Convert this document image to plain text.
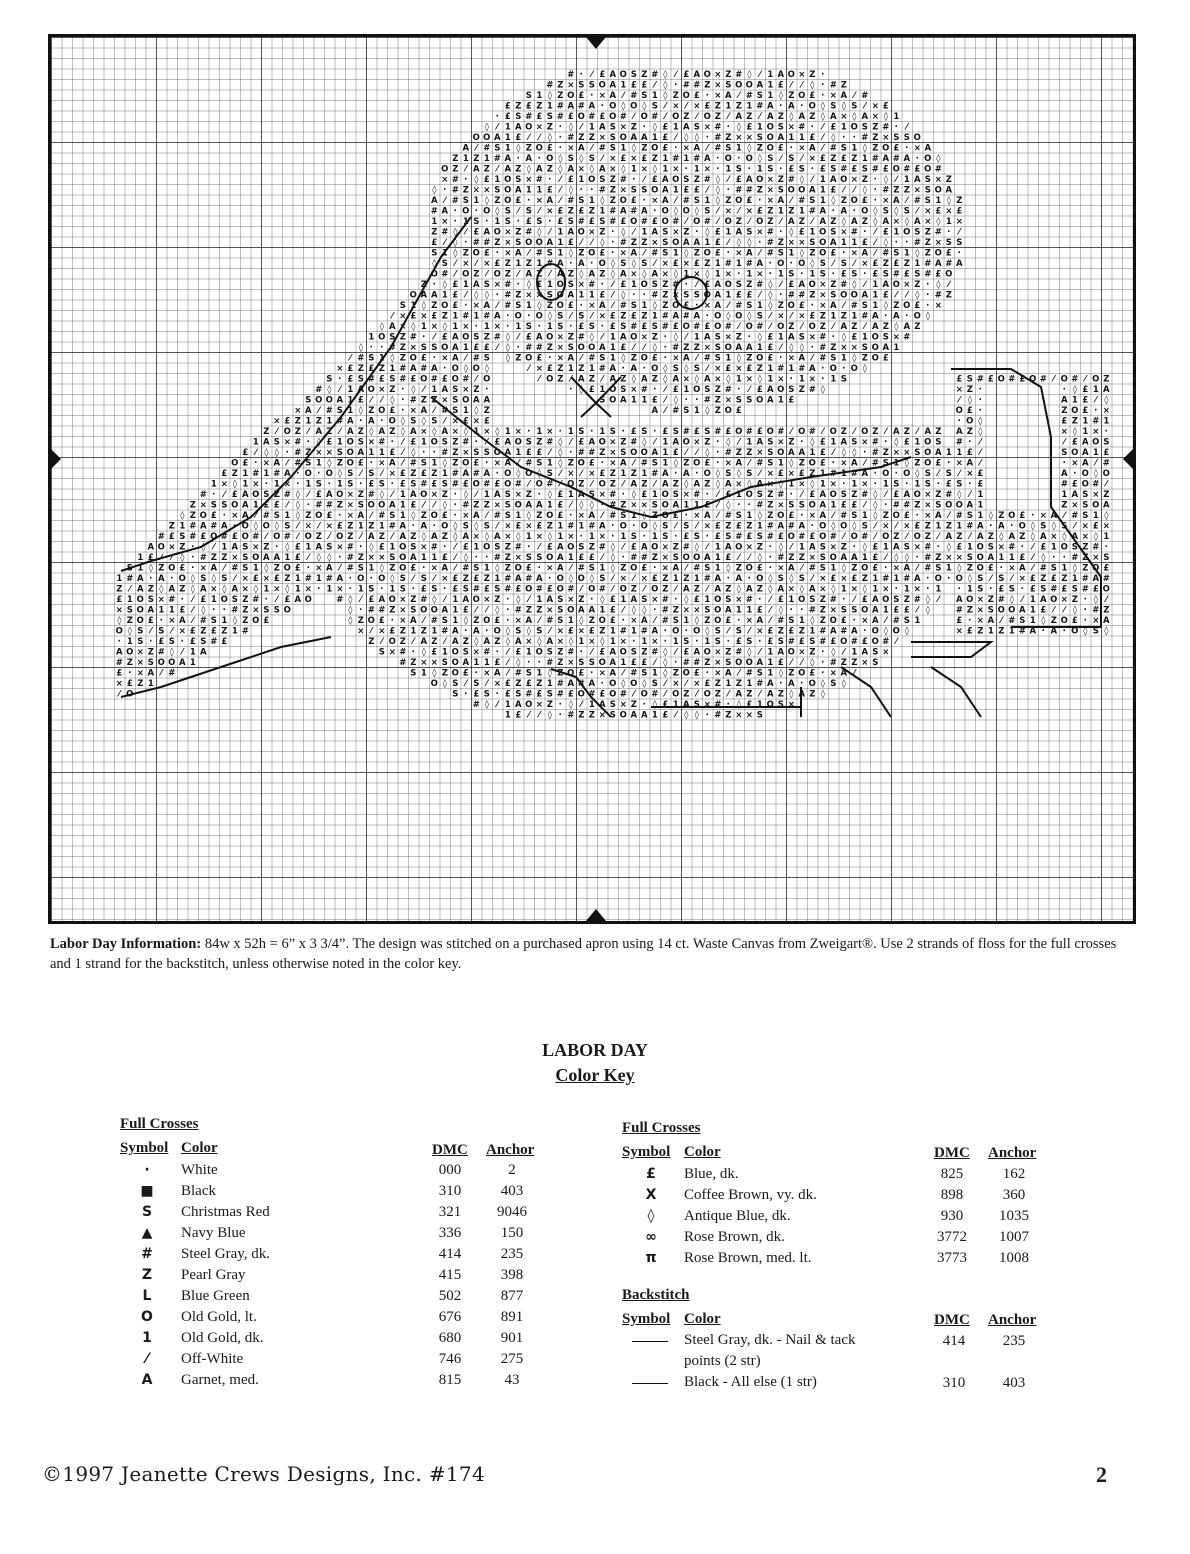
# · ⁄ £ A O S Z # ◊ ⁄ £ A O × Z # ◊ ⁄ 1 A O × Z ·
# Z × S S O A 1 £ £ ⁄ ◊ · # # Z × S O O A 1 £ ⁄	⁄ ◊ · # Z
S 1 ◊ Z O £ · × A ⁄ # S 1 ◊ Z O £ · × A ⁄ # S 1 ◊ Z O £ · × A ⁄ #
£ Z £ Z 1 # A # A · O ◊ O ◊ S ⁄ × ⁄ × £ Z 1 Z 1 # A · A · O ◊ S ◊ S ⁄ × £
· £ S # £ S # £ O # £ O # ⁄ O # ⁄ O Z ⁄ O Z ⁄ A Z ⁄ A Z ◊ A Z ◊ A × ◊ A × ◊ 1
◊ ⁄ 1 A O × Z · ◊ ⁄ 1 A S × Z · ◊ £ 1 A S × # · ◊ £ 1 O S × # · ⁄ £ 1 O S Z # · ⁄
O O A 1 £ ⁄	⁄ ◊ · # Z Z × S O A A 1 £ ⁄ ◊ ◊ · # Z × × S O A 1 1 £ ⁄ ◊ · · # Z × S S O
A ⁄ # S 1 ◊ Z O £ · × A ⁄ # S 1 ◊ Z O £ · × A ⁄ # S 1 ◊ Z O £ · × A ⁄ # S 1 ◊ Z O £ · × A
Z 1 Z 1 # A · A · O ◊ S ◊ S ⁄ × £ × £ Z 1 # 1 # A · O · O ◊ S ⁄ S ⁄ × £ Z £ Z 1 # A # A · O ◊
O Z ⁄ A Z ⁄ A Z ◊ A Z ◊ A × ◊ A × ◊ 1 × ◊ 1 × · 1 × · 1 S · 1 S · £ S · £ S # £ S # £ O # £ O #
× # · ◊ £ 1 O S × # · ⁄ £ 1 O S Z # · ⁄ £ A O S Z # ◊ ⁄ £ A O × Z # ◊ ⁄ 1 A O × Z · ◊ ⁄ 1 A S × Z
◊ · # Z × × S O A 1 1 £ ⁄ ◊ · · # Z × S S O A 1 £ £ ⁄ ◊ · # # Z × S O O A 1 £ ⁄	⁄ ◊ · # Z Z × S O A
A ⁄ # S 1 ◊ Z O £ · × A ⁄ # S 1 ◊ Z O £ · × A ⁄ # S 1 ◊ Z O £ · × A ⁄ # S 1 ◊ Z O £ · × A ⁄ # S 1 ◊ Z
# A · O · O ◊ S ⁄ S ⁄ × £ Z £ Z 1 # A # A · O ◊ O ◊ S ⁄ × ⁄ × £ Z 1 Z 1 # A · A · O ◊ S ◊ S ⁄ × £ × £
1 × · 1 S · 1 S · £ S · £ S # £ S # £ O # £ O # ⁄ O # ⁄ O Z ⁄ O Z ⁄ A Z ⁄ A Z ◊ A Z ◊ A × ◊ A × ◊ 1 ×
Z # ◊ ⁄ £ A O × Z # ◊ ⁄ 1 A O × Z · ◊ ⁄ 1 A S × Z · ◊ £ 1 A S × # · ◊ £ 1 O S × # · ⁄ £ 1 O S Z # · ⁄
£ ⁄ ◊ · # # Z × S O O A 1 £ ⁄	⁄ ◊ · # Z Z × S O A A 1 £ ⁄ ◊ ◊ · # Z × × S O A 1 1 £ ⁄ ◊ · · # Z × S S
S 1 ◊ Z O £ · × A ⁄ # S 1 ◊ Z O £ · × A ⁄ # S 1 ◊ Z O £ · × A ⁄ # S 1 ◊ Z O £ · × A ⁄ # S 1 ◊ Z O £ ·
◊ S ⁄ × ⁄ × £ Z 1 Z 1 # A · A · O ◊ S ◊ S ⁄ × £ × £ Z 1 # 1 # A · O · O ◊ S ⁄ S ⁄ × £ Z £ Z 1 # A # A
O # ⁄ O Z ⁄ O Z ⁄ A Z ⁄ A Z ◊ A Z ◊ A × ◊ A × ◊ 1 × ◊ 1 × · 1 × · 1 S · 1 S · £ S · £ S # £ S # £ O
Z · ◊ £ 1 A S × # · ◊ £ 1 O S × # · ⁄ £ 1 O S Z # · ⁄ £ A O S Z # ◊ ⁄ £ A O × Z # ◊ ⁄ 1 A O × Z · ◊ ⁄
O A A 1 £ ⁄ ◊ ◊ · # Z × × S O A 1 1 £ ⁄ ◊ · · # Z × S S O A 1 £ £ ⁄ ◊ · # # Z × S O O A 1 £ ⁄	⁄ ◊ · # Z
S 1 ◊ Z O £ · × A ⁄ # S 1 ◊ Z O £ · × A ⁄ # S 1 ◊ Z O £ · × A ⁄ # S 1 ◊ Z O £ · × A ⁄ # S 1 ◊ Z O £ · ×
⁄ × £ × £ Z 1 # 1 # A · O · O ◊ S ⁄ S ⁄ × £ Z £ Z 1 # A # A · O ◊ O ◊ S ⁄ × ⁄ × £ Z 1 Z 1 # A · A · O ◊
◊ A × ◊ 1 × ◊ 1 × · 1 × · 1 S · 1 S · £ S · £ S # £ S # £ O # £ O # ⁄ O # ⁄ O Z ⁄ O Z ⁄ A Z ⁄ A Z ◊ A Z
1 O S Z # · ⁄ £ A O S Z # ◊ ⁄ £ A O × Z # ◊ ⁄ 1 A O × Z · ◊ ⁄ 1 A S × Z · ◊ £ 1 A S × # · ◊ £ 1 O S × #
◊ · · # Z × S S O A 1 £ £ ⁄ ◊ · # # Z × S O O A 1 £ ⁄	⁄ ◊ · # Z Z × S O A A 1 £ ⁄ ◊ ◊ · # Z × × S O A 1
⁄ # S 1 ◊ Z O £ · × A ⁄ # S ◊ Z O £ · × A ⁄ # S 1 ◊ Z O £ · × A ⁄ # S 1 ◊ Z O £ · × A ⁄ # S 1 ◊ Z O £
× £ Z £ Z 1 # A # A · O ◊ O ◊	⁄ × £ Z 1 Z 1 # A · A · O ◊ S ◊ S ⁄ × £ × £ Z 1 # 1 # A · O · O ◊
S · £ S # £ S # £ O # £ O # ⁄ O	⁄ O Z ⁄ A Z ⁄ A Z ◊ A Z ◊ A × ◊ A × ◊ 1 × ◊ 1 × · 1 × · 1 S	£ S # £ O # £ O # ⁄ O # ⁄ O Z
# ◊ ⁄ 1 A O × Z · ◊ ⁄ 1 A S × Z ·	· ◊ £ 1 O S × # · ⁄ £ 1 O S Z # · ⁄ £ A O S Z # ◊	× Z ·	· ◊ £ 1 A
S O O A 1 £ ⁄	⁄ ◊ · # Z Z × S O A A	S O A 1 1 £ ⁄ ◊ · · # Z × S S O A 1 £	⁄ ◊ ·	A 1 £ ⁄ ◊
× A ⁄ # S 1 ◊ Z O £ · × A ⁄ # S 1 ◊ Z	A ⁄ # S 1 ◊ Z O £	O £ ·	Z O £ · ×
× £ Z 1 Z 1 # A · A · O ◊ S ◊ S ⁄ × £ × £	· O ◊	£ Z 1 # 1
Z ⁄ O Z ⁄ A Z ⁄ A Z ◊ A Z ◊ A × ◊ A × ◊ 1 × ◊ 1 × · 1 × · 1 S · 1 S · £ S · £ S # £ S # £ O # £ O # ⁄ O # ⁄ O Z ⁄ O Z ⁄ A Z ⁄ A Z A Z ◊	× ◊ 1 × ·
1 A S × # · ◊ £ 1 O S × # · ⁄ £ 1 O S Z # · ⁄ £ A O S Z # ◊ ⁄ £ A O × Z # ◊ ⁄ 1 A O × Z · ◊ ⁄ 1 A S × Z · ◊ £ 1 A S × # · ◊ £ 1 O S # · ⁄	⁄ £ A O S
£ ⁄ ◊ ◊ · # Z × × S O A 1 1 £ ⁄ ◊ · · # Z × S S O A 1 £ £ ⁄ ◊ · # # Z × S O O A 1 £ ⁄	⁄ ◊ · # Z Z × S O A A 1 £ ⁄ ◊ ◊ · # Z × × S O A 1 1 £ ⁄	S O A 1 £
O £ · × A ⁄ # S 1 ◊ Z O £ · × A ⁄ # S 1 ◊ Z O £ · × A ⁄ # S 1 ◊ Z O £ · × A ⁄ # S 1 ◊ Z O £ · × A ⁄ # S 1 ◊ Z O £ · × A ⁄ # S 1 ◊ Z O £ · × A ⁄	· × A ⁄ #
£ Z 1 # 1 # A · O · O ◊ S ⁄ S ⁄ × £ Z £ Z 1 # A # A · O ◊ O ◊ S ⁄ × ⁄ × £ Z 1 Z 1 # A · A · O ◊ S ◊ S ⁄ × £ × £ Z 1 # 1 # A · O · O ◊ S ⁄ S ⁄ × £	A · O ◊ O
1 × ◊ 1 × · 1 × · 1 S · 1 S · £ S · £ S # £ S # £ O # £ O # ⁄ O # ⁄ O Z ⁄ O Z ⁄ A Z ⁄ A Z ◊ A Z ◊ A × ◊ A × ◊ 1 × ◊ 1 × · 1 × · 1 S · 1 S · £ S · £	# £ O # ⁄
# · ⁄ £ A O S Z # ◊ ⁄ £ A O × Z # ◊ ⁄ 1 A O × Z · ◊ ⁄ 1 A S × Z · ◊ £ 1 A S × # · ◊ £ 1 O S × # · ⁄ £ 1 O S Z # · ⁄ £ A O S Z # ◊ ⁄ £ A O × Z # ◊ ⁄ 1	1 A S × Z
Z × S S O A 1 £ £ ⁄ ◊ · # # Z × S O O A 1 £ ⁄	⁄ ◊ · # Z Z × S O A A 1 £ ⁄ ◊ ◊ · # Z × × S O A 1 1 £ ⁄ ◊ · · # Z × S S O A 1 £ £ ⁄ ◊ · # # Z × S O O A 1	Z × S O A
◊ Z O £ · × A ⁄ # S 1 ◊ Z O £ · × A ⁄ # S 1 ◊ Z O £ · × A ⁄ # S 1 ◊ Z O £ · × A ⁄ # S 1 ◊ Z O £ · × A ⁄ # S 1 ◊ Z O £ · × A ⁄ # S 1 ◊ Z O £ · × A ⁄ # S 1 ◊ Z O £ · × A ⁄ # S 1 ◊
Z 1 # A # A · O ◊ O ◊ S ⁄ × ⁄ × £ Z 1 Z 1 # A · A · O ◊ S ◊ S ⁄ × £ × £ Z 1 # 1 # A · O · O ◊ S ⁄ S ⁄ × £ Z £ Z 1 # A # A · O ◊ O ◊ S ⁄ × ⁄ × £ Z 1 Z 1 # A · A · O ◊ S ◊ S ⁄ × £ ×
# £ S # £ O # £ O # ⁄ O # ⁄ O Z ⁄ O Z ⁄ A Z ⁄ A Z ◊ A Z ◊ A × ◊ A × ◊ 1 × ◊ 1 × · 1 × · 1 S · 1 S · £ S · £ S # £ S # £ O # £ O # ⁄ O # ⁄ O Z ⁄ O Z ⁄ A Z ⁄ A Z ◊ A Z ◊ A × ◊ A × ◊ 1
A O × Z · ◊ ⁄ 1 A S × Z · ◊ £ 1 A S × # · ◊ £ 1 O S × # · ⁄ £ 1 O S Z # · ⁄ £ A O S Z # ◊ ⁄ £ A O × Z # ◊ ⁄ 1 A O × Z · ◊ ⁄ 1 A S × Z · ◊ £ 1 A S × # · ◊ £ 1 O S × # · ⁄ £ 1 O S Z # ·
1 £ ⁄	⁄ ◊ · # Z Z × S O A A 1 £ ⁄ ◊ ◊ · # Z × × S O A 1 1 £ ⁄ ◊ · · # Z × S S O A 1 £ £ ⁄ ◊ · # # Z × S O O A 1 £ ⁄	⁄ ◊ · # Z Z × S O A A 1 £ ⁄ ◊ ◊ · # Z × × S O A 1 1 £ ⁄ ◊ · · # Z × S
S 1 ◊ Z O £ · × A ⁄ # S 1 ◊ Z O £ · × A ⁄ # S 1 ◊ Z O £ · × A ⁄ # S 1 ◊ Z O £ · × A ⁄ # S 1 ◊ Z O £ · × A ⁄ # S 1 ◊ Z O £ · × A ⁄ # S 1 ◊ Z O £ · × A ⁄ # S 1 ◊ Z O £ · × A ⁄ # S 1 ◊ Z O £
1 # A · A · O ◊ S ◊ S ⁄ × £ × £ Z 1 # 1 # A · O · O ◊ S ⁄ S ⁄ × £ Z £ Z 1 # A # A · O ◊ O ◊ S ⁄ × ⁄ × £ Z 1 Z 1 # A · A · O ◊ S ◊ S ⁄ × £ × £ Z 1 # 1 # A · O · O ◊ S ⁄ S ⁄ × £ Z £ Z 1 # A #
Z ⁄ A Z ◊ A Z ◊ A × ◊ A × ◊ 1 × ◊ 1 × · 1 × · 1 S · 1 S · £ S · £ S # £ S # £ O # £ O # ⁄ O # ⁄ O Z ⁄ O Z ⁄ A Z ⁄ A Z ◊ A Z ◊ A × ◊ A × ◊ 1 × ◊ 1 × · 1 × · 1 · 1 S · £ S · £ S # £ S # £ O
£ 1 O S × # · ⁄ £ 1 O S Z # · ⁄ £ A O	# ◊ ⁄ £ A O × Z # ◊ ⁄ 1 A O × Z · ◊ ⁄ 1 A S × Z · ◊ £ 1 A S × # · ◊ £ 1 O S × # · ⁄ £ 1 O S Z # · ⁄ £ A O S Z # ◊ ⁄	A O × Z # ◊ ⁄ 1 A O × Z · ◊ ⁄
× S O A 1 1 £ ⁄ ◊ · · # Z × S S O	◊ · # # Z × S O O A 1 £ ⁄	⁄ ◊ · # Z Z × S O A A 1 £ ⁄ ◊ ◊ · # Z × × S O A 1 1 £ ⁄ ◊ · · # Z × S S O A 1 £ £ ⁄ ◊	# Z × S O O A 1 £ ⁄	⁄ ◊ · # Z
◊ Z O £ · × A ⁄ # S 1 ◊ Z O £	◊ Z O £ · × A ⁄ # S 1 ◊ Z O £ · × A ⁄ # S 1 ◊ Z O £ · × A ⁄ # S 1 ◊ Z O £ · × A ⁄ # S 1 ◊ Z O £ · × A ⁄ # S 1	£ · × A ⁄ # S 1 ◊ Z O £ · × A
O ◊ S ⁄ S ⁄ × £ Z £ Z 1 #	× ⁄ × £ Z 1 Z 1 # A · A · O ◊ S ◊ S ⁄ × £ × £ Z 1 # 1 # A · O · O ◊ S ⁄ S ⁄ × £ Z £ Z 1 # A # A · O ◊ O ◊	× £ Z 1 Z 1 # A · A · O ◊ S ◊
· 1 S · £ S · £ S # £	Z ⁄ O Z ⁄ A Z ⁄ A Z ◊ A Z ◊ A × ◊ A × ◊ 1 × ◊ 1 × · 1 × · 1 S · 1 S · £ S · £ S # £ S # £ O # £ O # ⁄
A O × Z # ◊ ⁄ 1 A	S × # · ◊ £ 1 O S × # · ⁄ £ 1 O S Z # · ⁄ £ A O S Z # ◊ ⁄ £ A O × Z # ◊ ⁄ 1 A O × Z · ◊ ⁄ 1 A S ×
# Z × S O O A 1	# Z × × S O A 1 1 £ ⁄ ◊ · · # Z × S S O A 1 £ £ ⁄ ◊ · # # Z × S O O A 1 £ ⁄	⁄ ◊ · # Z Z × S
£ · × A ⁄ #	S 1 ◊ Z O £ · × A ⁄ # S 1 ◊ Z O £ · × A ⁄ # S 1 ◊ Z O £ · × A ⁄ # S 1 ◊ Z O £ · × A ⁄
× £ Z 1	O ◊ S ⁄ S ⁄ × £ Z £ Z 1 # A # A · O ◊ O ◊ S ⁄ × ⁄ × £ Z 1 Z 1 # A · A · O ◊ S ◊
⁄ O	S · £ S · £ S # £ S # £ O # £ O # ⁄ O # ⁄ O Z ⁄ O Z ⁄ A Z ⁄ A Z ◊ A Z ◊
# ◊ ⁄ 1 A O × Z · ◊ ⁄ 1 A S × Z · ◊ £ 1 A S × # · ◊ £ 1 O S ×
1 £ ⁄	⁄ ◊ · # Z Z × S O A A 1 £ ⁄ ◊ ◊ · # Z × × S
Labor Day Information: 84w x 52h = 6” x 3 3/4”. The design was stitched on a purchased apron using 14 ct. Waste Canvas from Zweigart®. Use 2 strands of floss for the full crosses and 1 strand for the backstitch, unless otherwise noted in the color key.
LABOR DAY
Color Key
Full Crosses
Symbol Color	DMC Anchor
·	White	000	2
■	Black	310	403
S	Christmas Red	321	9046
▲	Navy Blue	336	150
#	Steel Gray, dk.	414	235
Z	Pearl Gray	415	398
L	Blue Green	502	877
O	Old Gold, lt.	676	891
1	Old Gold, dk.	680	901
⁄	Off-White	746	275
A	Garnet, med.	815	43
Full Crosses
Symbol Color	DMC Anchor
£	Blue, dk.	825	162
X	Coffee Brown, vy. dk.	898	360
◊	Antique Blue, dk.	930	1035
∞	Rose Brown, dk.	3772	1007
π	Rose Brown, med. lt.	3773	1008
Backstitch
Symbol Color	DMC Anchor
Steel Gray, dk. - Nail & tack
points (2 str)
414	235
Black - All else (1 str)	310	403
©1997 Jeanette Crews Designs, Inc. #174	2
